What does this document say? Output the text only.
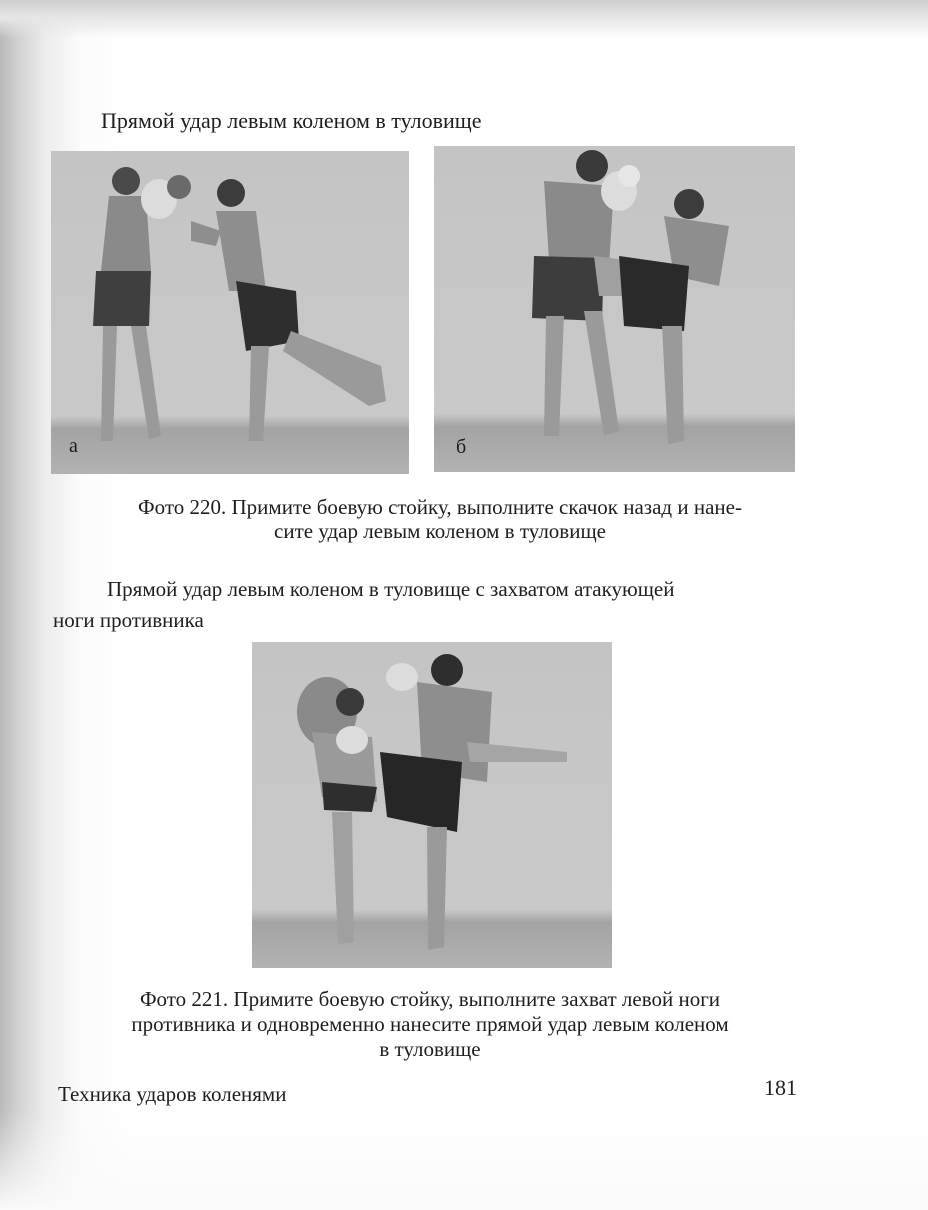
Прямой удар левым коленом в туловище
а	б
Фото 220. Примите боевую стойку, выполните скачок назад и нане-
сите удар левым коленом в туловище
Прямой удар левым коленом в туловище с захватом атакующей
ноги противника
Фото 221. Примите боевую стойку, выполните захват левой ноги
противника и одновременно нанесите прямой удар левым коленом
в туловище
Техника ударов коленями	181
